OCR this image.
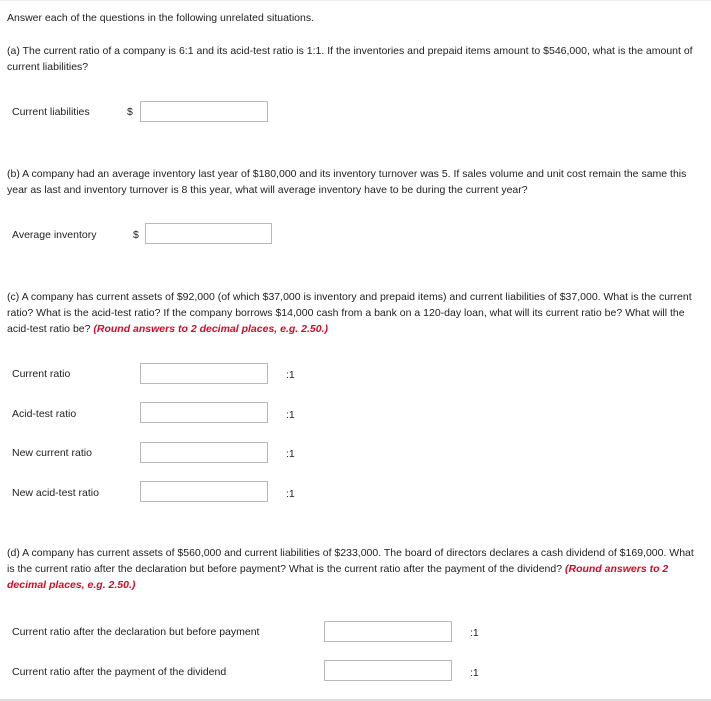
Answer each of the questions in the following unrelated situations.
(a) The current ratio of a company is 6:1 and its acid-test ratio is 1:1. If the inventories and prepaid items amount to $546,000, what is the amount of current liabilities?
Current liabilities	$
(b) A company had an average inventory last year of $180,000 and its inventory turnover was 5. If sales volume and unit cost remain the same this year as last and inventory turnover is 8 this year, what will average inventory have to be during the current year?
Average inventory	$
(c) A company has current assets of $92,000 (of which $37,000 is inventory and prepaid items) and current liabilities of $37,000. What is the current ratio? What is the acid-test ratio? If the company borrows $14,000 cash from a bank on a 120-day loan, what will its current ratio be? What will the acid-test ratio be? (Round answers to 2 decimal places, e.g. 2.50.)
Current ratio	:1
Acid-test ratio	:1
New current ratio	:1
New acid-test ratio	:1
(d) A company has current assets of $560,000 and current liabilities of $233,000. The board of directors declares a cash dividend of $169,000. What is the current ratio after the declaration but before payment? What is the current ratio after the payment of the dividend? (Round answers to 2 decimal places, e.g. 2.50.)
Current ratio after the declaration but before payment	:1
Current ratio after the payment of the dividend	:1
